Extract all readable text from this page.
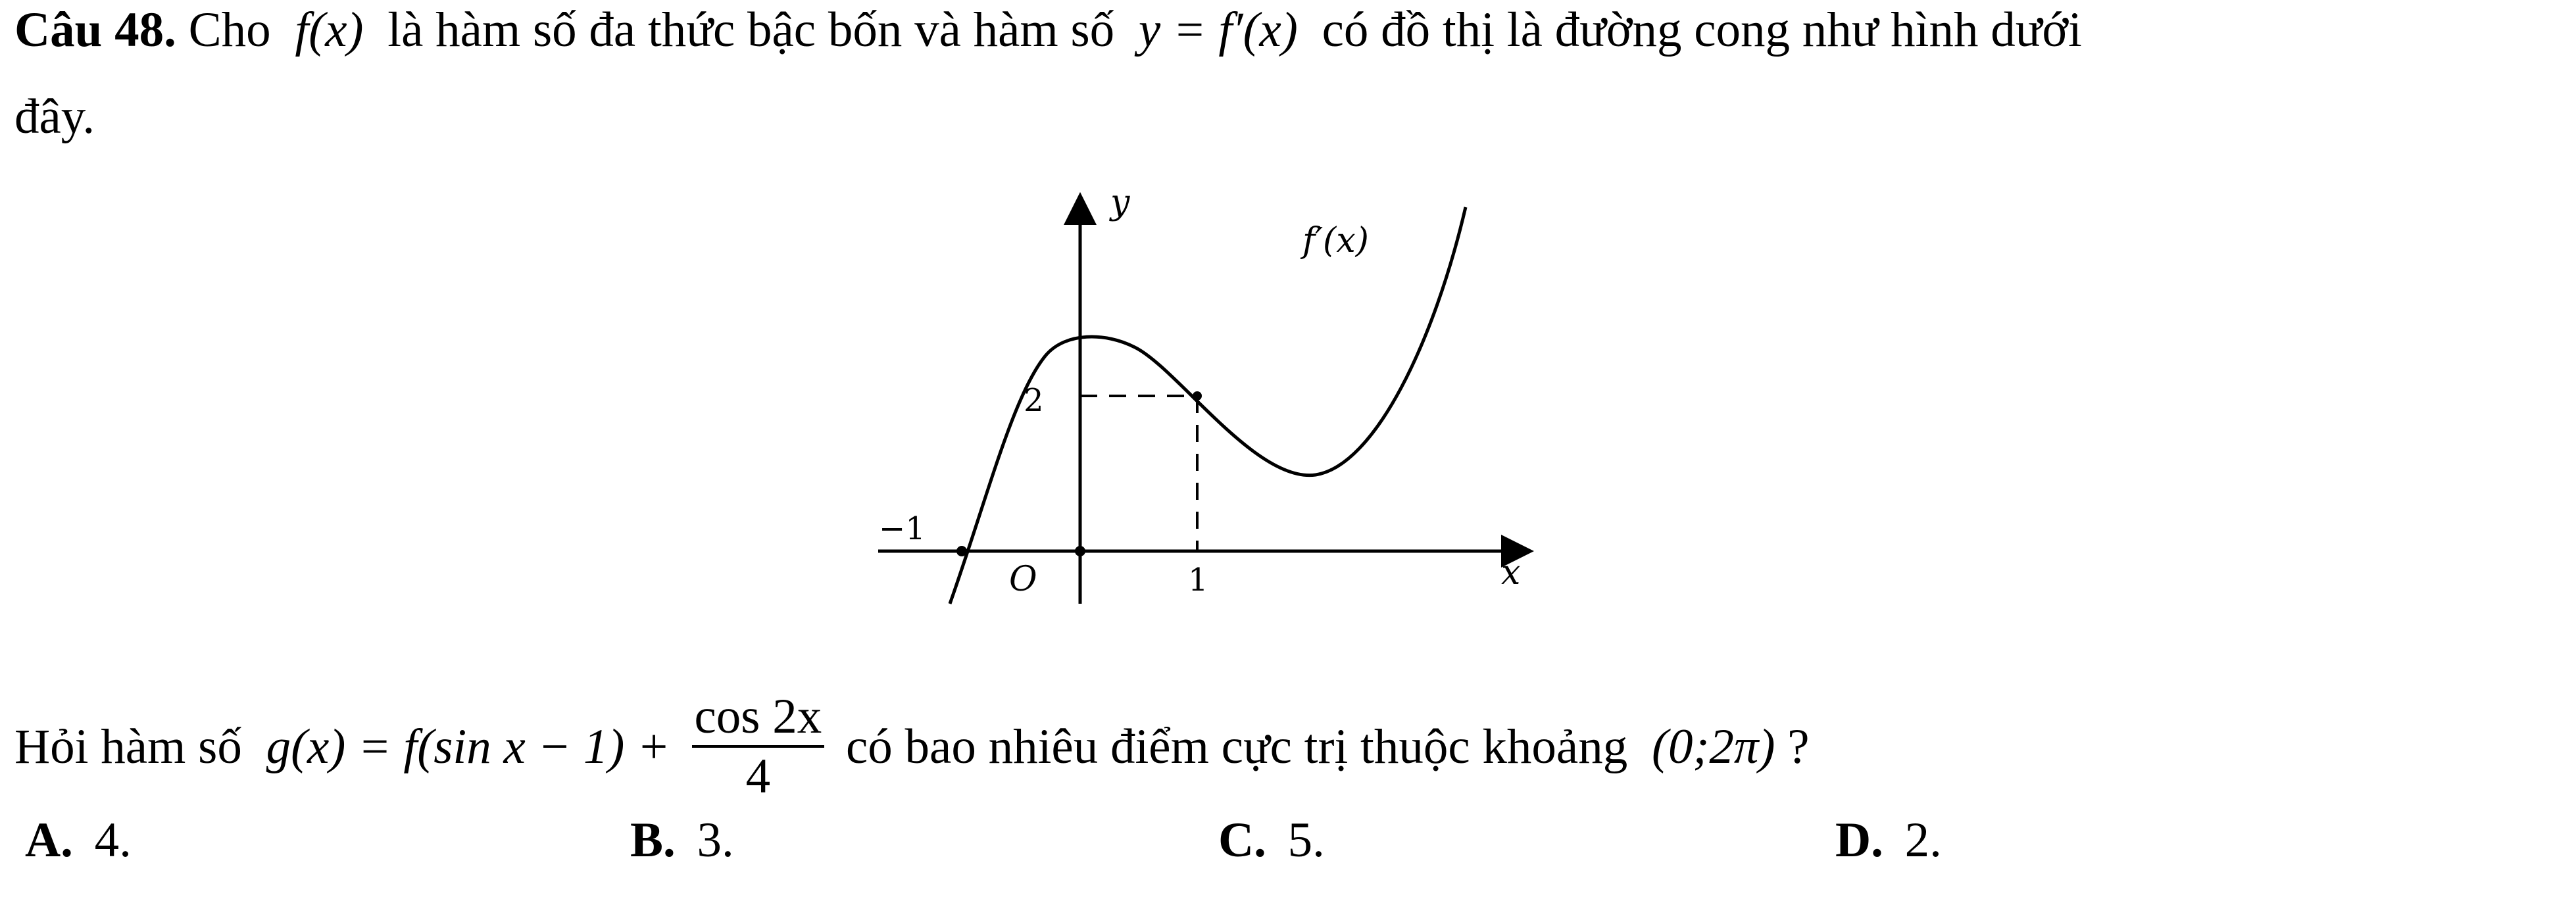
Câu 48. Cho f(x) là hàm số đa thức bậc bốn và hàm số y = f′(x) có đồ thị là đường cong như hình dưới
đây.
y
f′(x)
2
−1
O	1	x
Hỏi hàm số g(x) = f(sin $x - 1) + \frac{\cos 2x}{4}$ có bao nhiêu điểm cực trị thuộc khoảng (0;2π) ?
A. 4.	B. 3.	C. 5.	D. 2.
